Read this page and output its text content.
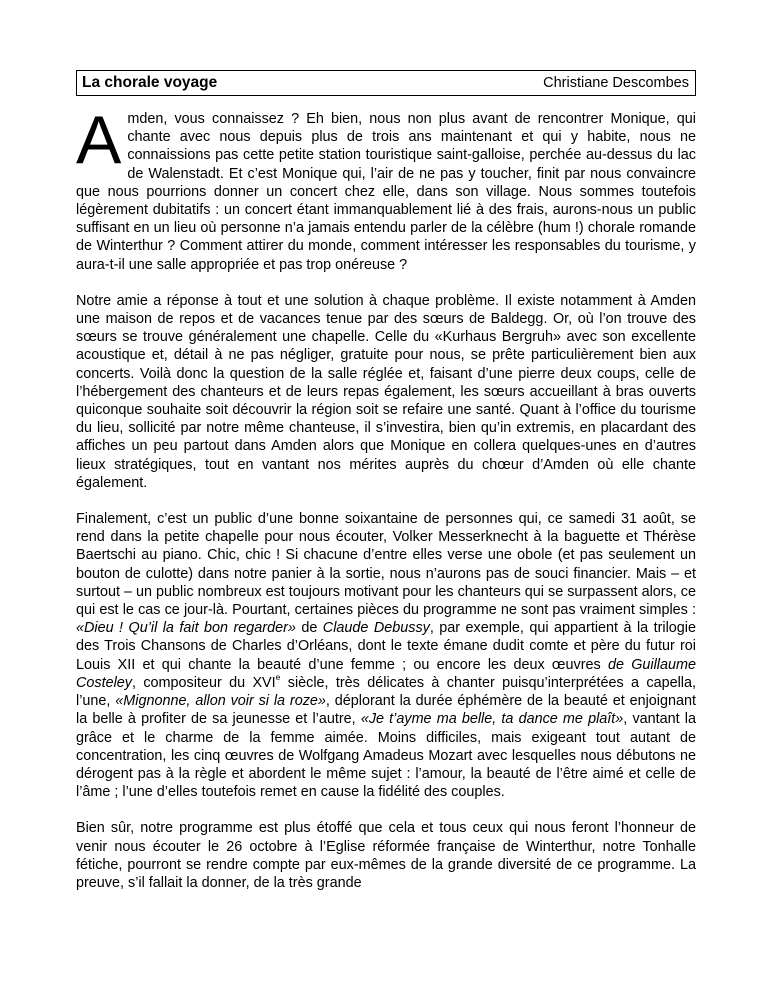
La chorale voyage	Christiane Descombes

Amden, vous connaissez ? Eh bien, nous non plus avant de rencontrer Monique, qui chante avec nous depuis plus de trois ans maintenant et qui y habite, nous ne connaissions pas cette petite station touristique saint-galloise, perchée au-dessus du lac de Walenstadt. Et c’est Monique qui, l’air de ne pas y toucher, finit par nous convaincre que nous pourrions donner un concert chez elle, dans son village. Nous sommes toutefois légèrement dubitatifs : un concert étant immanquablement lié à des frais, aurons-nous un public suffisant en un lieu où personne n’a jamais entendu parler de la célèbre (hum !) chorale romande de Winterthur ? Comment attirer du monde, comment intéresser les responsables du tourisme, y aura-t-il une salle appropriée et pas trop onéreuse ?

Notre amie a réponse à tout et une solution à chaque problème. Il existe notamment à Amden une maison de repos et de vacances tenue par des sœurs de Baldegg. Or, où l’on trouve des sœurs se trouve généralement une chapelle. Celle du «Kurhaus Bergruh» avec son excellente acoustique et, détail à ne pas négliger, gratuite pour nous, se prête particulièrement bien aux concerts. Voilà donc la question de la salle réglée et, faisant d’une pierre deux coups, celle de l’hébergement des chanteurs et de leurs repas également, les sœurs accueillant à bras ouverts quiconque souhaite soit découvrir la région soit se refaire une santé. Quant à l’office du tourisme du lieu, sollicité par notre même chanteuse, il s’investira, bien qu’in extremis, en placardant des affiches un peu partout dans Amden alors que Monique en collera quelques-unes en d’autres lieux stratégiques, tout en vantant nos mérites auprès du chœur d’Amden où elle chante également.

Finalement, c’est un public d’une bonne soixantaine de personnes qui, ce samedi 31 août, se rend dans la petite chapelle pour nous écouter, Volker Messerknecht à la baguette et Thérèse Baertschi au piano. Chic, chic ! Si chacune d’entre elles verse une obole (et pas seulement un bouton de culotte) dans notre panier à la sortie, nous n’aurons pas de souci financier. Mais – et surtout – un public nombreux est toujours motivant pour les chanteurs qui se surpassent alors, ce qui est le cas ce jour-là. Pourtant, certaines pièces du programme ne sont pas vraiment simples : «Dieu ! Qu’il la fait bon regarder» de Claude Debussy, par exemple, qui appartient à la trilogie des Trois Chansons de Charles d’Orléans, dont le texte émane dudit comte et père du futur roi Louis XII et qui chante la beauté d’une femme ; ou encore les deux œuvres de Guillaume Costeley, compositeur du XVIe siècle, très délicates à chanter puisqu’interprétées a capella, l’une, «Mignonne, allon voir si la roze», déplorant la durée éphémère de la beauté et enjoignant la belle à profiter de sa jeunesse et l’autre, «Je t’ayme ma belle, ta dance me plaît», vantant la grâce et le charme de la femme aimée. Moins difficiles, mais exigeant tout autant de concentration, les cinq œuvres de Wolfgang Amadeus Mozart avec lesquelles nous débutons ne dérogent pas à la règle et abordent le même sujet : l’amour, la beauté de l’être aimé et celle de l’âme ; l’une d’elles toutefois remet en cause la fidélité des couples.

Bien sûr, notre programme est plus étoffé que cela et tous ceux qui nous feront l’honneur de venir nous écouter le 26 octobre à l’Eglise réformée française de Winterthur, notre Tonhalle fétiche, pourront se rendre compte par eux-mêmes de la grande diversité de ce programme. La preuve, s’il fallait la donner, de la très grande
